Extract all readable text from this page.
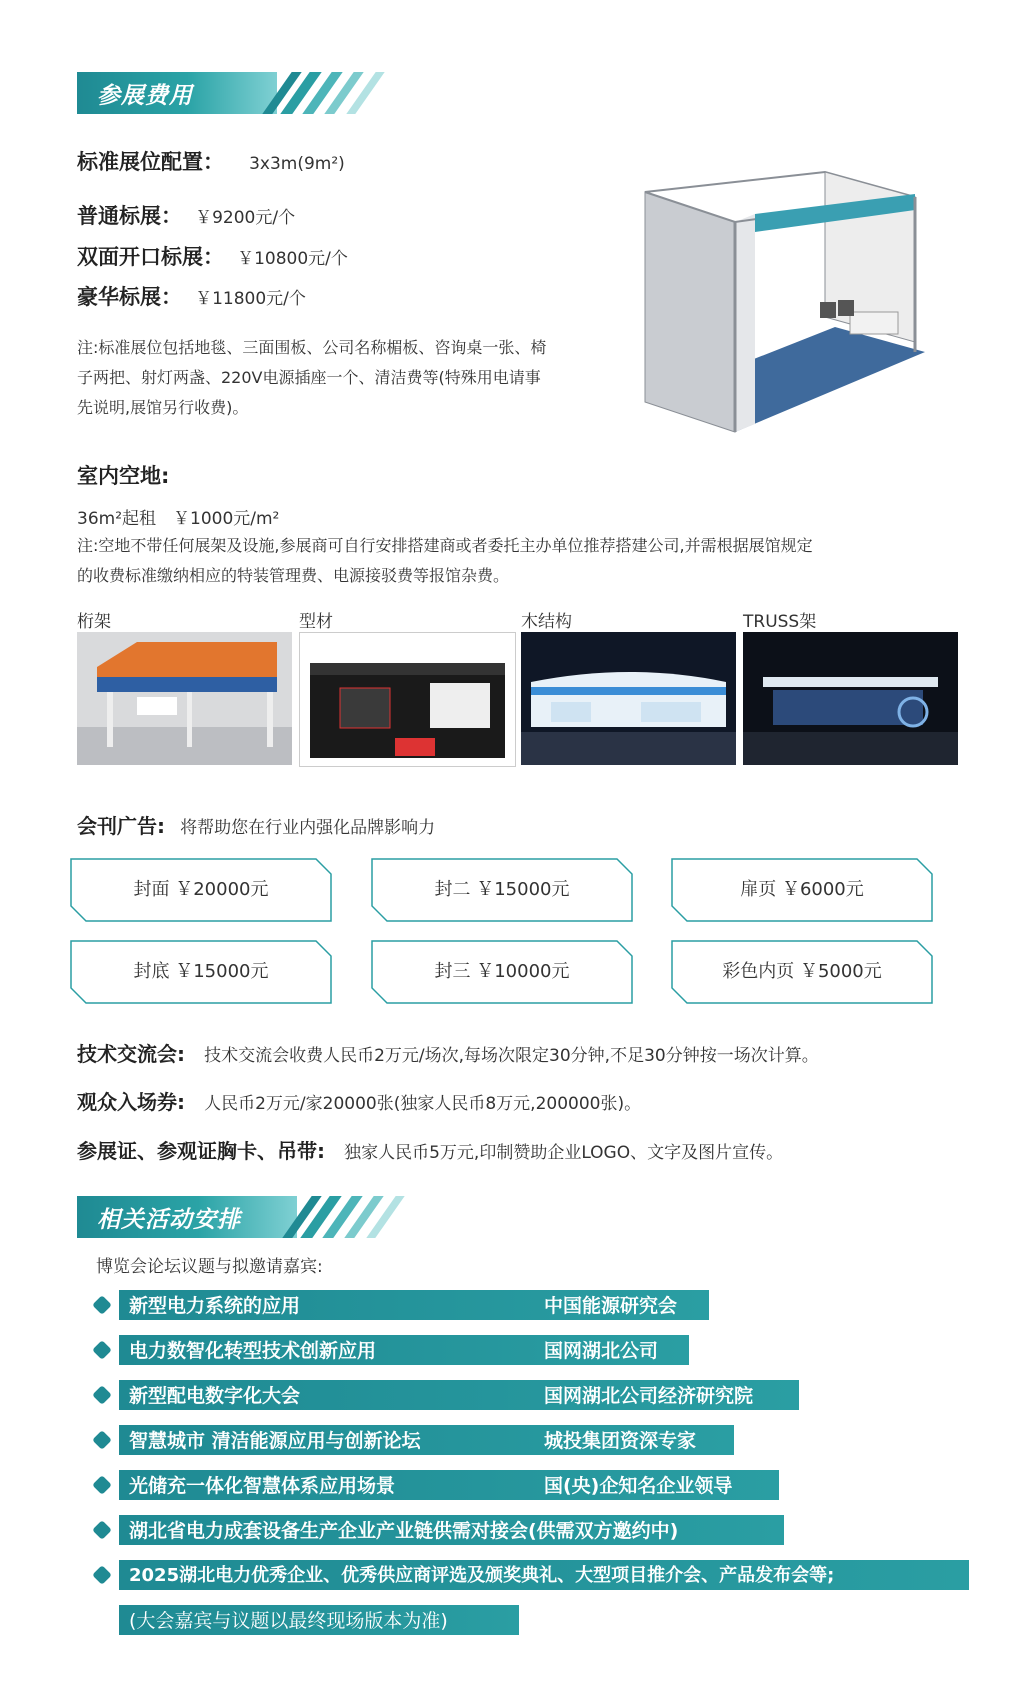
参展费用
标准展位配置： 3x3m(9m²)
普通标展： ￥9200元/个
双面开口标展： ￥10800元/个
豪华标展： ￥11800元/个
注:标准展位包括地毯、三面围板、公司名称楣板、咨询桌一张、椅
子两把、射灯两盏、220V电源插座一个、清洁费等(特殊用电请事
先说明,展馆另行收费)。
室内空地:
36m²起租　￥1000元/m²
注:空地不带任何展架及设施,参展商可自行安排搭建商或者委托主办单位推荐搭建公司,并需根据展馆规定
的收费标准缴纳相应的特装管理费、电源接驳费等报馆杂费。
桁架	型材	木结构	TRUSS架
会刊广告: 将帮助您在行业内强化品牌影响力
封面 ￥20000元	封二 ￥15000元	扉页 ￥6000元
封底 ￥15000元	封三 ￥10000元	彩色内页 ￥5000元
技术交流会: 技术交流会收费人民币2万元/场次,每场次限定30分钟,不足30分钟按一场次计算。
观众入场券: 人民币2万元/家20000张(独家人民币8万元,200000张)。
参展证、参观证胸卡、吊带: 独家人民币5万元,印制赞助企业LOGO、文字及图片宣传。
相关活动安排
博览会论坛议题与拟邀请嘉宾:
新型电力系统的应用	中国能源研究会
电力数智化转型技术创新应用	国网湖北公司
新型配电数字化大会	国网湖北公司经济研究院
智慧城市 清洁能源应用与创新论坛	城投集团资深专家
光储充一体化智慧体系应用场景	国(央)企知名企业领导
湖北省电力成套设备生产企业产业链供需对接会(供需双方邀约中)
2025湖北电力优秀企业、优秀供应商评选及颁奖典礼、大型项目推介会、产品发布会等;
(大会嘉宾与议题以最终现场版本为准)
